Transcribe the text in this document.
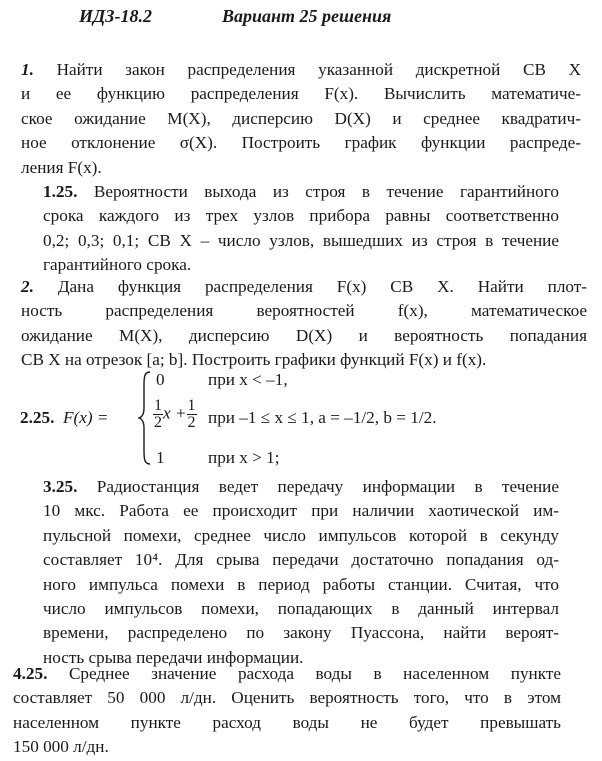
ИДЗ-18.2	Вариант 25 решения
1. Найти закон распределения указанной дискретной СВ X
и ее функцию распределения F(x). Вычислить математиче-
ское ожидание M(X), дисперсию D(X) и среднее квадратич-
ное отклонение σ(X). Построить график функции распреде-
ления F(x).
1.25. Вероятности выхода из строя в течение гарантийного
срока каждого из трех узлов прибора равны соответственно
0,2; 0,3; 0,1; СВ X – число узлов, вышедших из строя в течение
гарантийного срока.
2. Дана функция распределения F(x) СВ X. Найти плот-
ность распределения вероятностей f(x), математическое
ожидание M(X), дисперсию D(X) и вероятность попадания
СВ X на отрезок [a; b]. Построить графики функций F(x) и f(x).
2.25. F(x) =
0	при x < –1,
$\frac{1}{2}$ $x + \frac{1}{2}$ при –1 ≤ x ≤ 1, a = –1/2, b = 1/2.
1	при x > 1;
3.25. Радиостанция ведет передачу информации в течение
10 мкс. Работа ее происходит при наличии хаотической им-
пульсной помехи, среднее число импульсов которой в секунду
составляет 10⁴. Для срыва передачи достаточно попадания од-
ного импульса помехи в период работы станции. Считая, что
число импульсов помехи, попадающих в данный интервал
времени, распределено по закону Пуассона, найти вероят-
ность срыва передачи информации.
4.25. Среднее значение расхода воды в населенном пункте
составляет 50 000 л/дн. Оценить вероятность того, что в этом
населенном пункте расход воды не будет превышать
150 000 л/дн.
